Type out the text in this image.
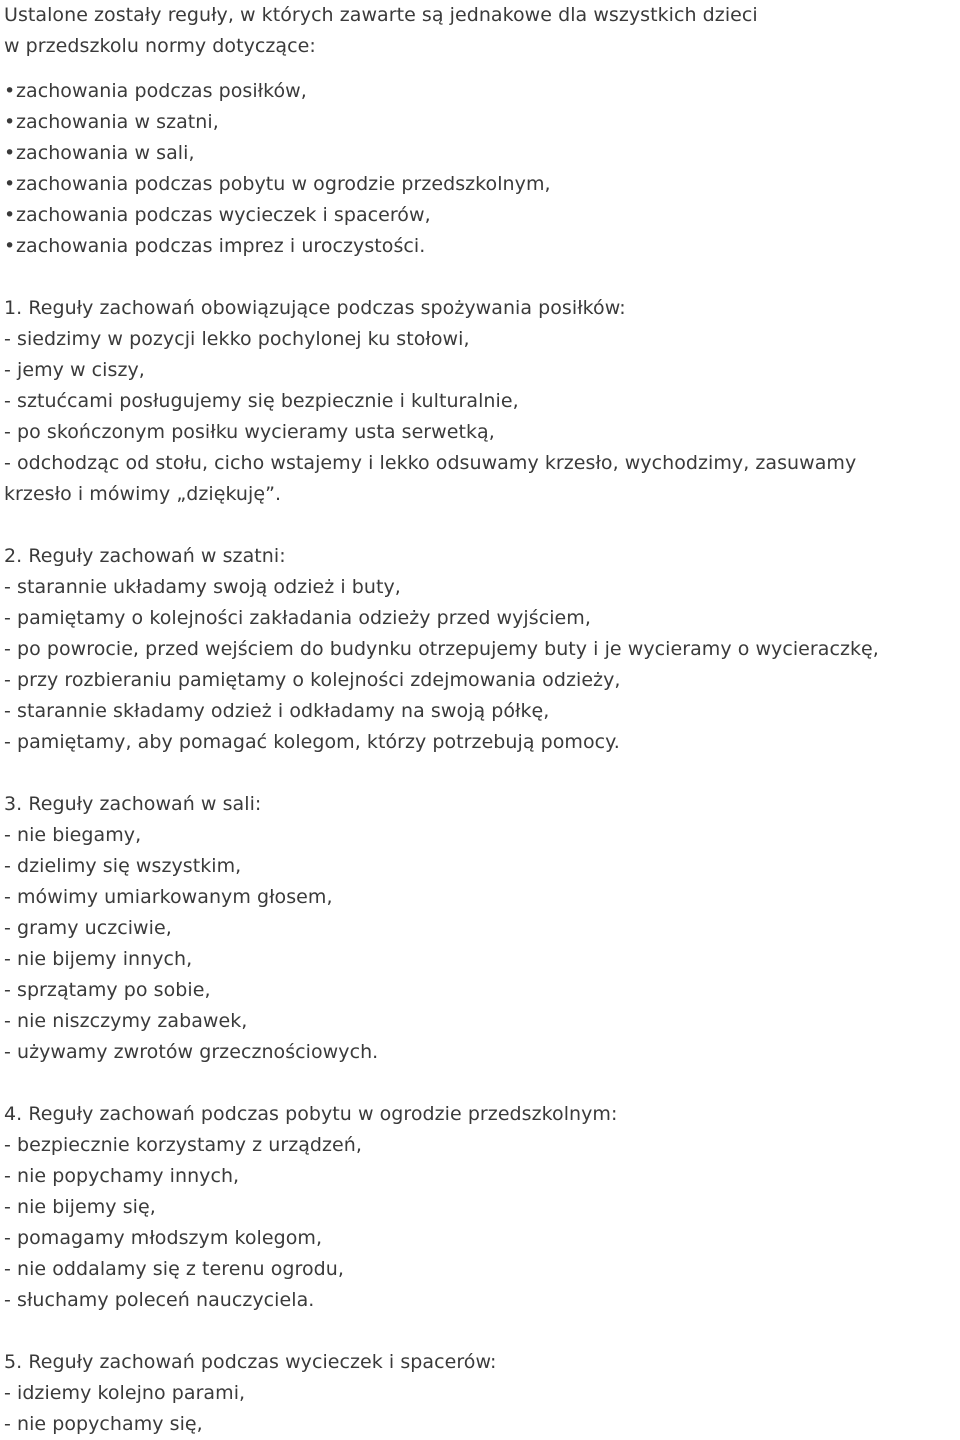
Ustalone zostały reguły, w których zawarte są jednakowe dla wszystkich dzieci
w przedszkolu normy dotyczące:

•zachowania podczas posiłków,
•zachowania w szatni,
•zachowania w sali,
•zachowania podczas pobytu w ogrodzie przedszkolnym,
•zachowania podczas wycieczek i spacerów,
•zachowania podczas imprez i uroczystości.

1. Reguły zachowań obowiązujące podczas spożywania posiłków:

- siedzimy w pozycji lekko pochylonej ku stołowi,
- jemy w ciszy,
- sztućcami posługujemy się bezpiecznie i kulturalnie,
- po skończonym posiłku wycieramy usta serwetką,
- odchodząc od stołu, cicho wstajemy i lekko odsuwamy krzesło, wychodzimy, zasuwamy
krzesło i mówimy „dziękuję”.

2. Reguły zachowań w szatni:

- starannie układamy swoją odzież i buty,
- pamiętamy o kolejności zakładania odzieży przed wyjściem,
- po powrocie, przed wejściem do budynku otrzepujemy buty i je wycieramy o wycieraczkę,
- przy rozbieraniu pamiętamy o kolejności zdejmowania odzieży,
- starannie składamy odzież i odkładamy na swoją półkę,
- pamiętamy, aby pomagać kolegom, którzy potrzebują pomocy.

3. Reguły zachowań w sali:

- nie biegamy,
- dzielimy się wszystkim,
- mówimy umiarkowanym głosem,
- gramy uczciwie,
- nie bijemy innych,
- sprzątamy po sobie,
- nie niszczymy zabawek,
- używamy zwrotów grzecznościowych.

4. Reguły zachowań podczas pobytu w ogrodzie przedszkolnym:

- bezpiecznie korzystamy z urządzeń,
- nie popychamy innych,
- nie bijemy się,
- pomagamy młodszym kolegom,
- nie oddalamy się z terenu ogrodu,
- słuchamy poleceń nauczyciela.

5. Reguły zachowań podczas wycieczek i spacerów:

- idziemy kolejno parami,
- nie popychamy się,
